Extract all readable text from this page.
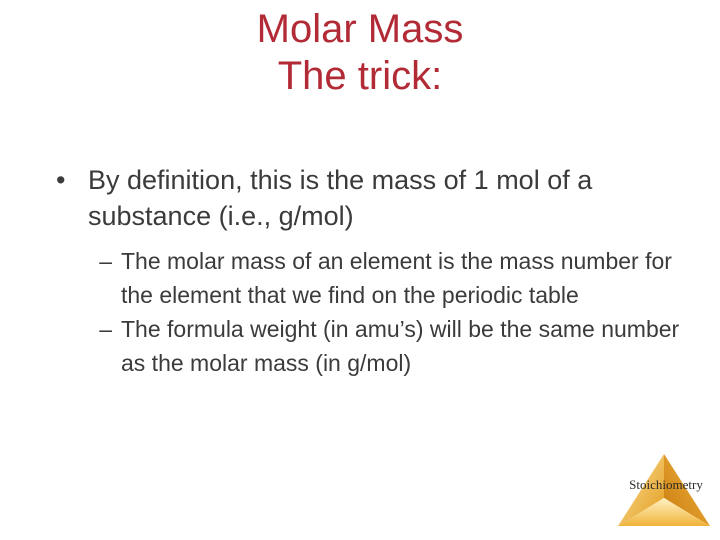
Molar Mass
The trick:
• By definition, this is the mass of 1 mol of a substance (i.e., g/mol)
– The molar mass of an element is the mass number for the element that we find on the periodic table
– The formula weight (in amu’s) will be the same number as the molar mass (in g/mol)
Stoichiometry
